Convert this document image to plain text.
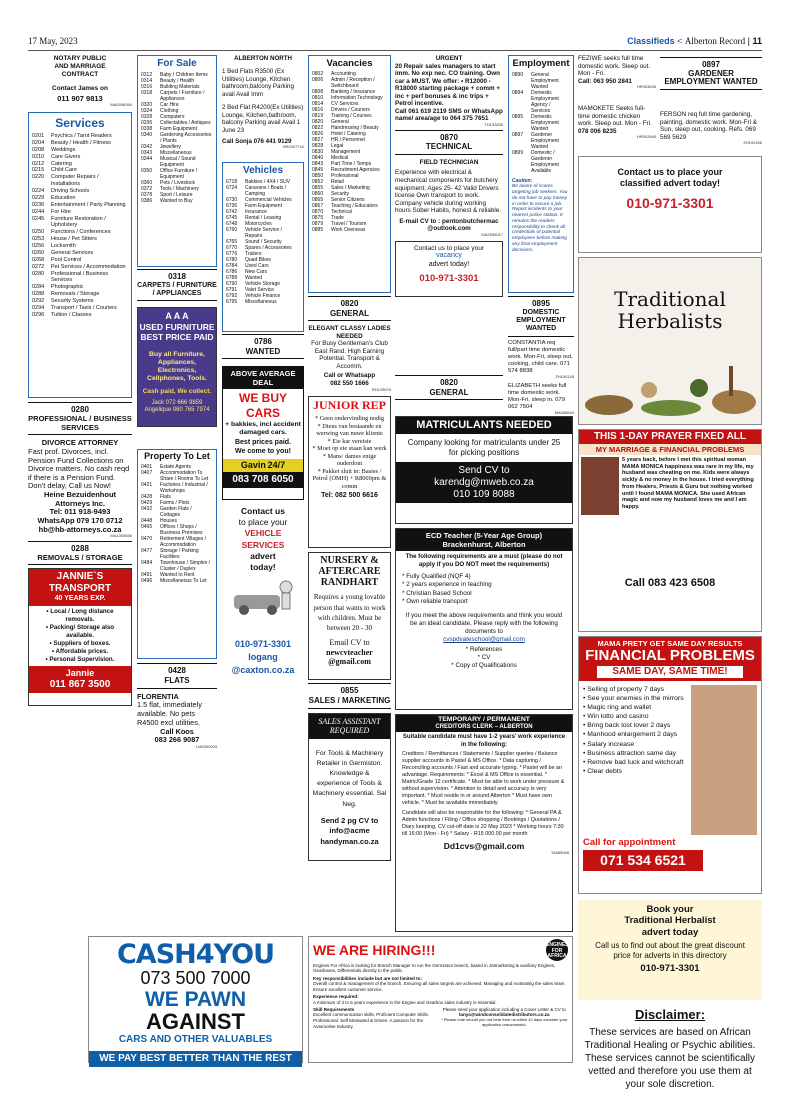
17 May, 2023	Classifieds < Alberton Record | 11
NOTARY PUBLIC
AND MARRIAGE
CONTRACT
Contact James on
011 907 9813
MA0056084
Services
0201	Psychics / Tarot Readers
0204	Beauty / Health / Fitness
0208	Weddings
0210	Care Givers
0212	Catering
0215	Child Care
0220	Computer Repairs / Installations
0224	Driving Schools
0229	Education
0236	Entertainment / Party Planning
0244	For Hire
0245	Furniture Restoration / Upholstery
0250	Functions / Conferences
0253	House / Pet Sitters
0256	Locksmith
0260	General Services
0268	Pool Control
0272	Pet Services / Accommodation
0280	Professional / Business Services
0284	Photographic
0288	Removals / Storage
0292	Security Systems
0294	Transport / Taxis / Couriers
0296	Tuition / Classes
0280
PROFESSIONAL / BUSINESS SERVICES
DIVORCE ATTORNEY
Fast prof. Divorces, incl. Pension Fund Collections on Divorce matters. No cash reqd if there is a Pension Fund. Don't delay, Call us Now!
Heine Bezuidenhout Attorneys Inc.
Tel: 011 918-9493
WhatsApp 079 170 0712
hb@hb-attorneys.co.za
MA1306658
0288
REMOVALS / STORAGE
JANNIE`S TRANSPORT
40 YEARS EXP.
• Local / Long distance removals.
• Packing/ Storage also available.
• Suppliers of boxes.
• Affordable prices.
• Personal Supervision.
Jannie
011 867 3500
For Sale
0312	Baby / Children Items
0314	Beauty / Health
0316	Building Materials
0318	Carpets / Furniture / Appliances
0320	Car Hire
0324	Clothing
0328	Computers
0336	Collectables / Antiques
0338	Farm Equipment
0340	Gardening Accessories / Plants
0342	Jewellery
0343	Miscellaneous
0344	Musical / Sound Equipment
0350	Office Furniture / Equipment
0360	Pets / Livestock
0372	Tools / Machinery
0378	Sport / Leisure
0386	Wanted to Buy
0318
CARPETS / FURNITURE / APPLIANCES
A A A
USED FURNITURE
BEST PRICE PAID
Buy all Furniture, Appliances, Electronics, Cellphones, Tools.
Cash paid, We collect.
Jack 072 666 9859
Angelique 060 765 7974
Property To Let
0401	Estate Agents
0407	Accommodation To Share / Rooms To Let
0421	Factories / Industrial / Workshops
0428	Flats
0429	Farms / Plots
0432	Garden Flats / Cottages
0448	Houses
0465	Offices / Shops / Business Premises
0470	Retirement Villages / Accommodation
0477	Storage / Parking Facilities
0484	Townhouse / Simplex / Cluster / Duplex
0491	Wanted to Rent
0496	Miscellaneous To Let
0428
FLATS
FLORENTIA
1.5 flat, immediately available. No pets R4500 excl utilities.
Call Koos
083 266 9087
LM0000003
ALBERTON NORTH
1 Bed Flats R3500 (Ex Utilities) Lounge, Kitchen bathroom,balcony Parking avail Avail Imm
2 Bed Flat R4200(Ex Utilities) Lounge, Kitchen,bathroom, balcony Parking avail Avail 1 June 23
Call Sonja 076 441 9129
HR0007742
Vehicles
6718	Bakkies / 4X4 / SUV
6724	Caravans / Boats / Camping
6730	Commercial Vehicles
6736	Farm Equipment
6742	Insurance
6745	Rental / Leasing
6748	Motorcycles
6760	Vehicle Service / Repairs
6765	Sound / Security
6770	Spares / Accessories
6776	Trailers
6780	Quad Bikes
6784	Used Cars
6786	New Cars
6788	Wanted
6790	Vehicle Storage
6791	Valet Service
6792	Vehicle Finance
6795	Miscellaneous
0786
WANTED
ABOVE AVERAGE DEAL
WE BUY CARS
+ bakkies, incl accident damaged cars.
Best prices paid.
We come to you!
Gavin 24/7
083 708 6050
Contact us
to place your
VEHICLE
SERVICES
advert
today!
010-971-3301
logang
@caxton.co.za
Vacancies
0802	Accounting
0806	Admin / Reception / Switchboard
0808	Banking / Insurance
0810	Information Technology
0814	CV Services
0816	Drivers / Couriers
0819	Training / Courses
0820	General
0822	Hairdressing / Beauty
0826	Hotel / Catering
0827	HR / Personnel
0828	Legal
0830	Management
0840	Medical
0843	Part Time / Temps
0845	Recruitment Agencies
0850	Professional
0852	Retail
0855	Sales / Marketing
0860	Security
0865	Senior Citizens
0867	Teaching / Educators
0870	Technical
0875	Trade
0879	Travel / Tourism
0885	Work Overseas
0820
GENERAL
ELEGANT CLASSY LADIES NEEDED
For Busy Gentleman's Club East Rand. High Earning Potential. Transport & Accomm.
Call or Whatsapp
082 550 1666
RH125676
JUNIOR REP
* Geen ondervinding nodig
* Diens van bestaande en werwing van nuwe kliente
* Eie kar vereiste
* Moet op eie staan kan werk
* Mans/ dames enige ouderdom
* Pakket sluit in: Basies / Petrol (OMH) + R8000pm & comm
Tel: 082 500 6616
NURSERY &
AFTERCARE
RANDHART
Requires a young lovable person that wants to work with children. Must be between 20 - 30
Email CV to
newcvteacher @gmail.com
0855
SALES / MARKETING
SALES ASSISTANT REQUIRED
For Tools & Machinery Retailer in Germiston. Knowledge & experience of Tools & Machinery essential. Sal Neg.
Send 2 pg CV to info@acme handyman.co.za
URGENT
20 Repair sales managers to start imm. No exp nec. CO training. Own car a MUST. We offer: • R12000 - R18000 starting package + comm + inc + perf bonuses & inc trips + Petrol incentive.
Call 061 619 2119 SMS or WhatsApp name/ area/age to 064 375 7651
TH132835
0870
TECHNICAL
FIELD TECHNICIAN
Experience with electrical & mechanical components for butchery equipment. Ages 25- 42 Valid Drivers license Own transport to work. Company vehicle during working hours Sober Habits, honest & reliable.
E-mail CV to : pentonbutchermac @outlook.com
MA2559017
Contact us to place your
vacancy
advert today!
010-971-3301
0820
GENERAL
MATRICULANTS NEEDED
Company looking for matriculants under 25 for picking positions
Send CV to
karendg@mweb.co.za
010 109 8088
ECD Teacher (5-Year Age Group)
Brackenhurst, Alberton
The following requirements are a must (please do not apply if you DO NOT meet the requirements)
* Fully Qualified (NQF 4)
* 2 years experience in teaching
* Christian Based School
* Own reliable transport
If you meet the above requirements and think you would be an ideal candidate, Please reply with the following documents to
cvspdvateschool@gmail.com
* References
* CV
* Copy of Qualifications
TEMPORARY / PERMANENT
CREDITORS CLERK – ALBERTON
Suitable candidate must have 1-2 years' work experience in the following:
Creditors / Remittances / Statements / Supplier queries / Balance supplier accounts in Pastel & MS Office. * Data capturing / Reconciling accounts / Fast and accurate typing. * Pastel will be an advantage. Requirements: * Excel & MS Office is essential. * Matric/Grade 12 certificate. * Must be able to work under pressure & without supervision. * Attention to detail and accuracy is very important. * Must reside in or around Alberton * Must have own vehicle. * Must be available immediately.
Candidate will also be responsible for the following: * General PA & Admin functions / Filing / Office shopping / Bookings / Quotations / Diary keeping. CV cut-off date is 22 May 2023 * Working hours 7:30 till 16:00 (Mon - Fri) * Salary - R15 000.00 per month
Dd1cvs@gmail.com
TA685948
Employment
0890	General Employment Wanted
0894	Domestic Employment Agency / Services
0895	Domestic Employment Wanted
0897	Gardener Employment Wanted
0899	Domestic / Gardener Employment Available
Caution:
Be aware of scams targeting job seekers. You do not have to pay money in order to secure a job. Report incidents to your nearest police station. It remains the readers responsibility to check all credentials of potential employees before making any final employment decisions.
0895
DOMESTIC EMPLOYMENT WANTED
CONSTANTIA req full/part time domestic work. Mon-Fri, sleep out, cooking, child care. 071 574 8838
ZH100145
ELIZABETH seeks full time domestic work. Mon-Fri, sleep in. 079 062 7504
MA058644
FEZIWE seeks full time domestic work. Sleep out. Mon - Fri.
Call: 063 950 2841
HR003636
MAMOKETE Seeks full-time domestic chicken work. Sleep out. Mon - Fri.
078 006 8235
HR002645
0897
GARDENER EMPLOYMENT WANTED
FERSON req full time gardening, painting, domestic work. Mon-Fri & Sun, sleep out, cooking. Refs. 069 569 5629
ZH100166
Contact us to place your
classified advert today!
010-971-3301
Traditional
Herbalists
THIS 1-DAY PRAYER FIXED ALL
MY MARRIAGE & FINANCIAL PROBLEMS
5 years back, before I met this spiritual woman MAMA MONICA happiness was rare in my life, my husband was cheating on me. Kids were always sickly & no money in the house. I tried everything from Healers, Priests & Guru but nothing worked until I found MAMA MONICA. She used African magic and now my husband loves me and I am happy.
Call 083 423 6508
MAMA PRETY GET SAME DAY RESULTS
FINANCIAL PROBLEMS
SAME DAY, SAME TIME!
• Selling of property 7 days
• See your enemies in the mirrors
• Magic ring and wallet
• Win lotto and casino
• Bring back lost lover 2 days
• Manhood enlargement 2 days
• Salary increase
• Business attraction same day
• Remove bad luck and witchcraft
• Clear debts
Call for appointment
071 534 6521
Book your
Traditional Herbalist
advert today
Call us to find out about the great discount price for adverts in this directory
010-971-3301
Disclaimer:
These services are based on African Traditional Healing or Psychic abilities. These services cannot be scientifically vetted and therefore you use them at your sole discretion.
CASH4YOU
073 500 7000
WE PAWN
AGAINST
CARS AND OTHER VALUABLES
WE PAY BEST BETTER THAN THE REST
WE ARE HIRING!!!	ENGINES FOR AFRICA
Engines For Africa is looking for Branch Manager to run the Germiston branch, based in Jetmarketing & auxiliary Engines, Gearboxes, Differentials directly to the public.
Key responsibilities include but are not limited to:
Overall control & management of the branch. Ensuring all sales targets are achieved. Managing and motivating the sales team. Ensure excellent customer service.
Experience required:
A minimum of 3 to 5 years experience in the Engine and Gearbox sales industry is essential.
Skill Requirements
Excellent communication skills. Proficient Computer Skills. Professional. Self Motivated & Driven. A passion for the Automotive Industry.
Please send your application including a Cover Letter & CV to
tanya@windconsolidatedistributors.co.za
* Please note should you not hear from us within 10 days consider your application unsuccessful.
